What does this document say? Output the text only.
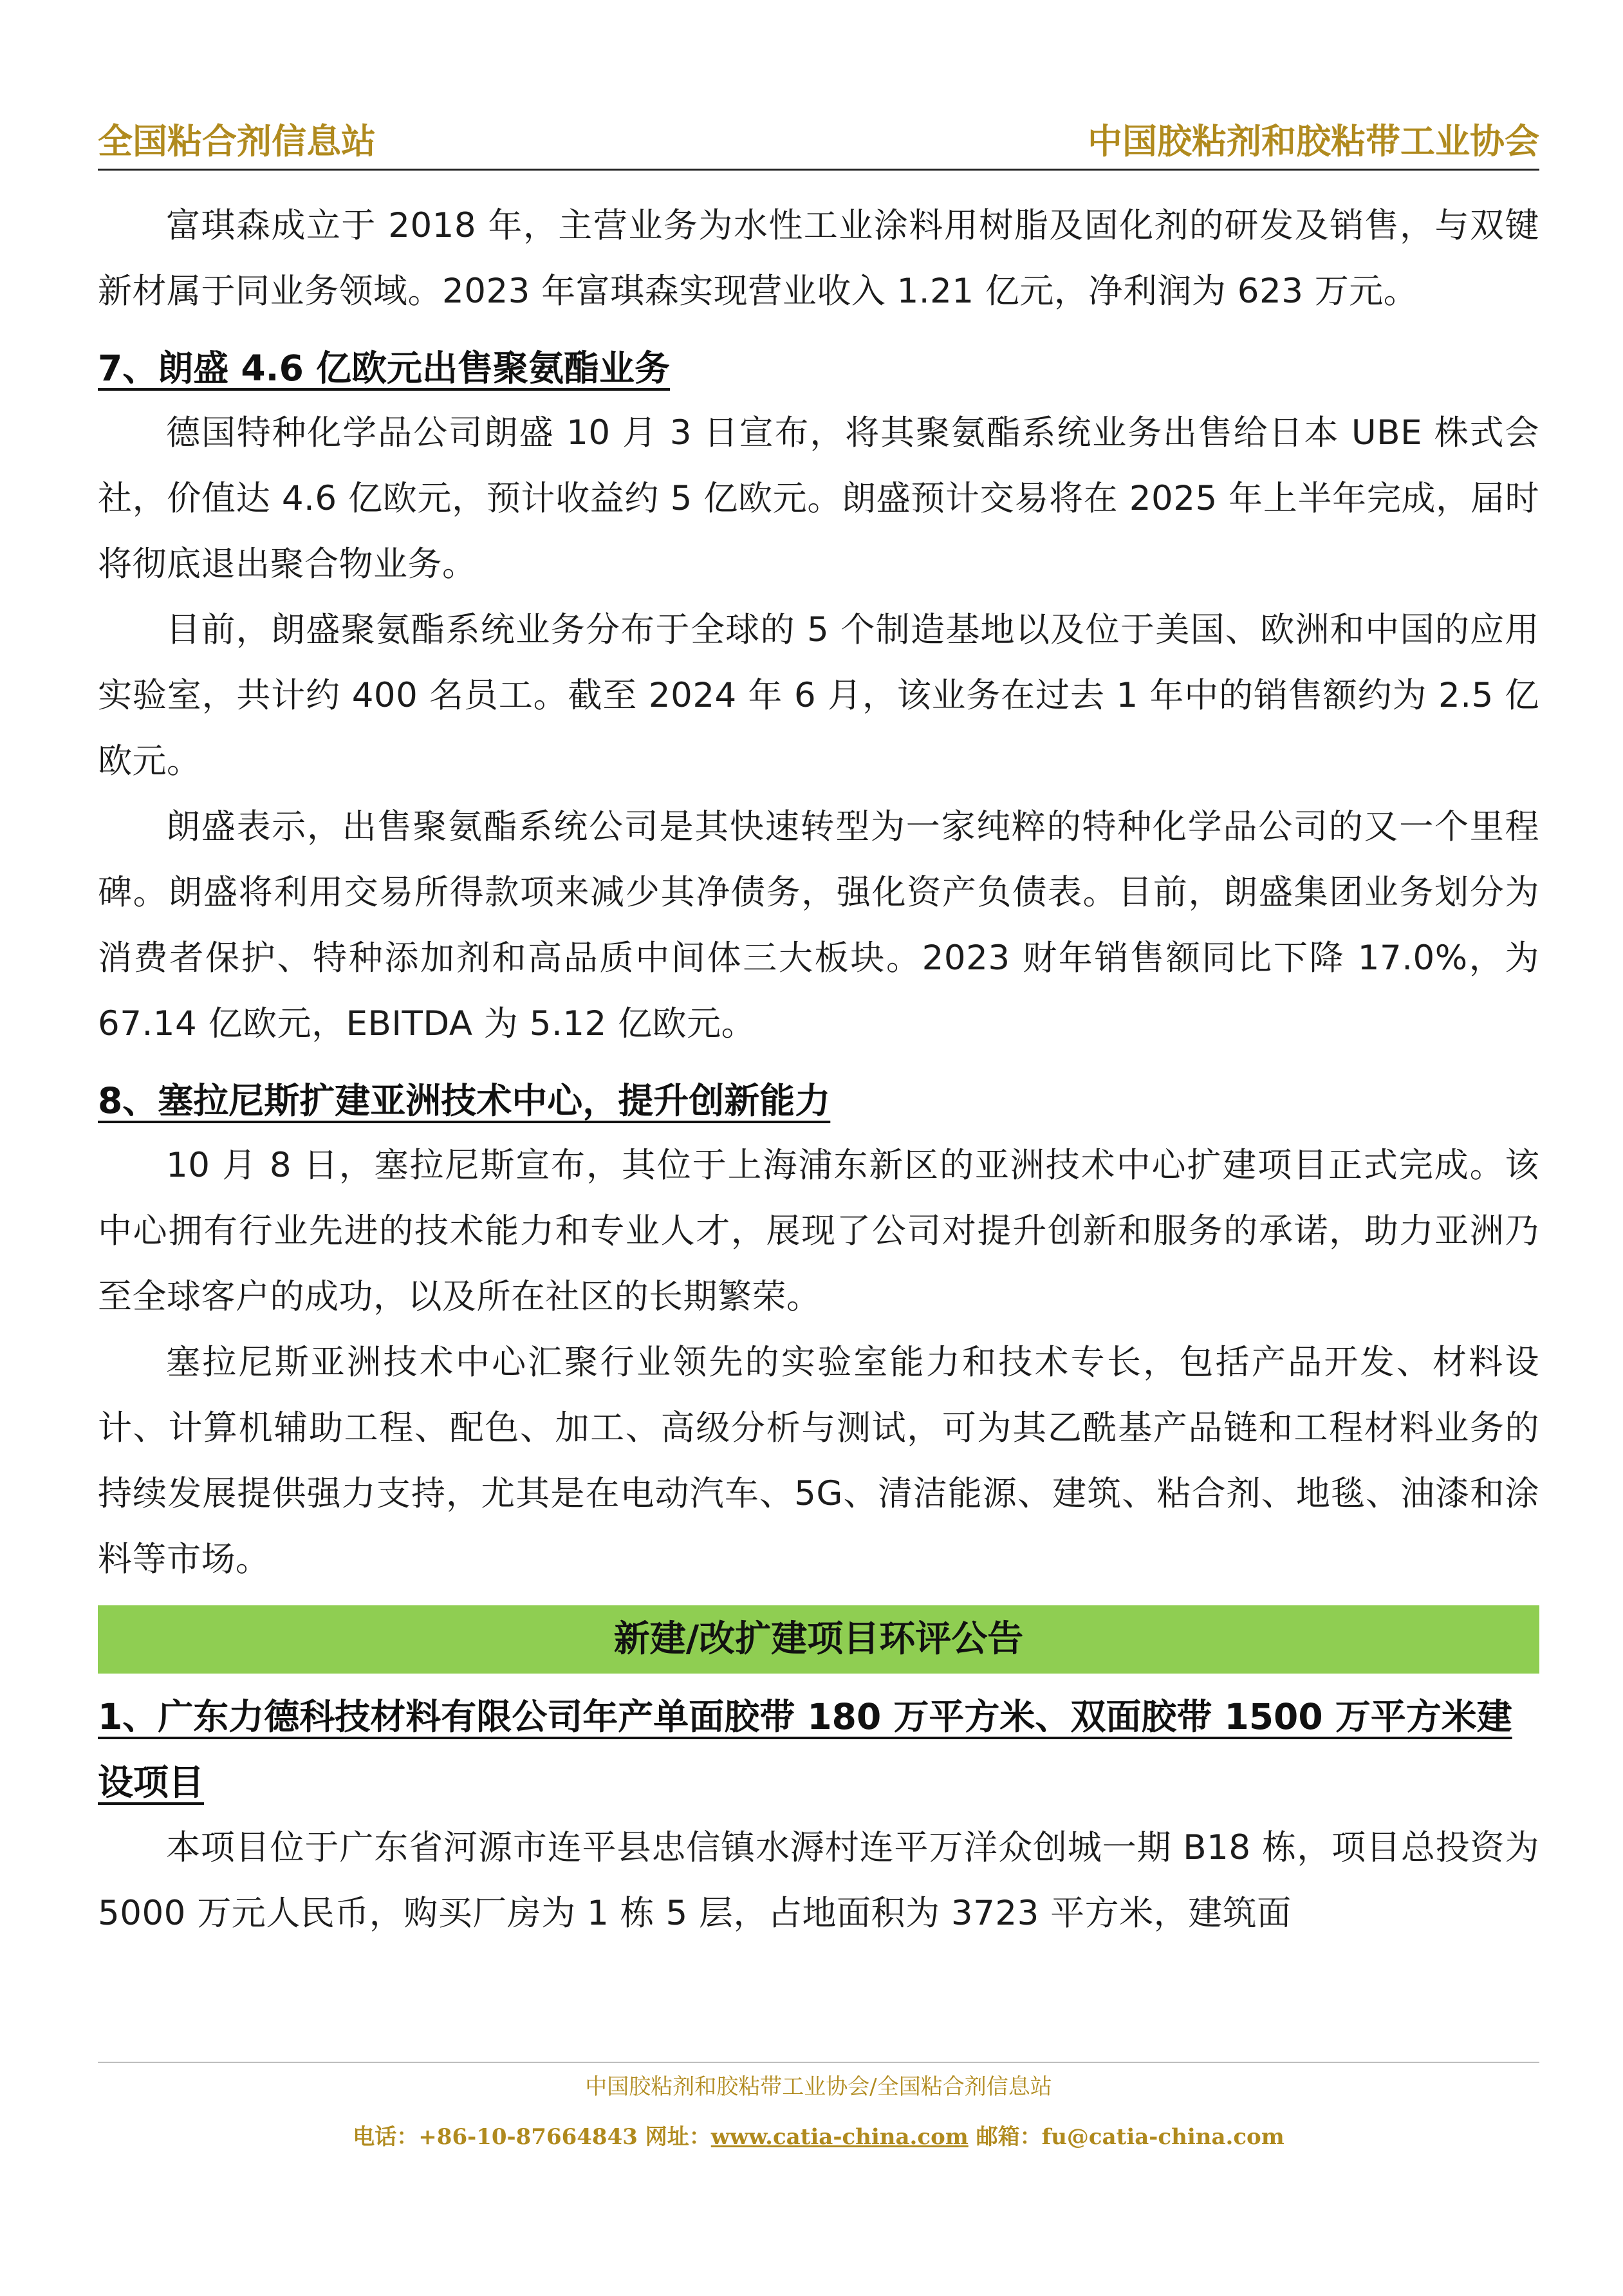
全国粘合剂信息站	中国胶粘剂和胶粘带工业协会

富琪森成立于 2018 年，主营业务为水性工业涂料用树脂及固化剂的研发及销售，与双键新材属于同业务领域。2023 年富琪森实现营业收入 1.21 亿元，净利润为 623 万元。

7、朗盛 4.6 亿欧元出售聚氨酯业务

德国特种化学品公司朗盛 10 月 3 日宣布，将其聚氨酯系统业务出售给日本 UBE 株式会社，价值达 4.6 亿欧元，预计收益约 5 亿欧元。朗盛预计交易将在 2025 年上半年完成，届时将彻底退出聚合物业务。

目前，朗盛聚氨酯系统业务分布于全球的 5 个制造基地以及位于美国、欧洲和中国的应用实验室，共计约 400 名员工。截至 2024 年 6 月，该业务在过去 1 年中的销售额约为 2.5 亿欧元。

朗盛表示，出售聚氨酯系统公司是其快速转型为一家纯粹的特种化学品公司的又一个里程碑。朗盛将利用交易所得款项来减少其净债务，强化资产负债表。目前，朗盛集团业务划分为消费者保护、特种添加剂和高品质中间体三大板块。2023 财年销售额同比下降 17.0%，为 67.14 亿欧元，EBITDA 为 5.12 亿欧元。

8、塞拉尼斯扩建亚洲技术中心，提升创新能力

10 月 8 日，塞拉尼斯宣布，其位于上海浦东新区的亚洲技术中心扩建项目正式完成。该中心拥有行业先进的技术能力和专业人才，展现了公司对提升创新和服务的承诺，助力亚洲乃至全球客户的成功，以及所在社区的长期繁荣。

塞拉尼斯亚洲技术中心汇聚行业领先的实验室能力和技术专长，包括产品开发、材料设计、计算机辅助工程、配色、加工、高级分析与测试，可为其乙酰基产品链和工程材料业务的持续发展提供强力支持，尤其是在电动汽车、5G、清洁能源、建筑、粘合剂、地毯、油漆和涂料等市场。

新建/改扩建项目环评公告

1、广东力德科技材料有限公司年产单面胶带 180 万平方米、双面胶带 1500 万平方米建设项目

本项目位于广东省河源市连平县忠信镇水溽村连平万洋众创城一期 B18 栋，项目总投资为 5000 万元人民币，购买厂房为 1 栋 5 层，占地面积为 3723 平方米，建筑面

中国胶粘剂和胶粘带工业协会/全国粘合剂信息站
电话：+86-10-87664843 网址：www.catia-china.com 邮箱：fu@catia-china.com
